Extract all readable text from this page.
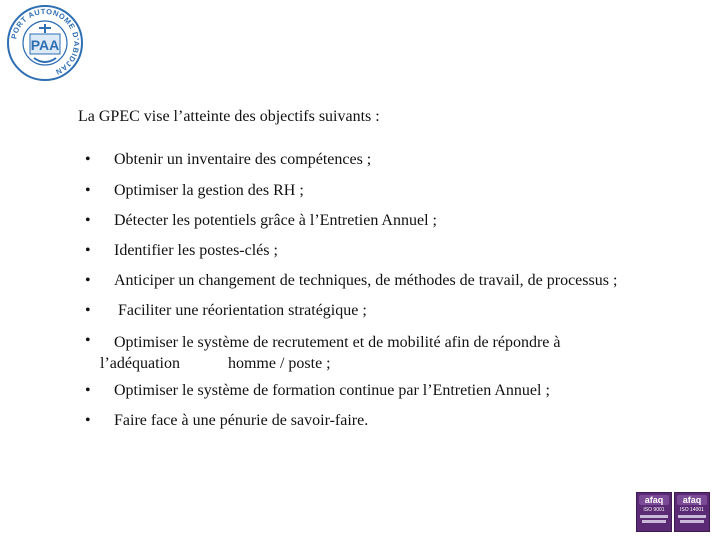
PORT AUTONOME D'ABIDJAN
PAA
La GPEC vise l’atteinte des objectifs suivants :
• Obtenir un inventaire des compétences ;
• Optimiser la gestion des RH ;
• Détecter les potentiels grâce à l’Entretien Annuel ;
• Identifier les postes-clés ;
• Anticiper un changement de techniques, de méthodes de travail, de processus ;
• Faciliter une réorientation stratégique ;
• Optimiser le système de recrutement et de mobilité afin de répondre à
l’adéquation            homme / poste ;
• Optimiser le système de formation continue par l’Entretien Annuel ;
• Faire face à une pénurie de savoir-faire.
afaq
ISO 9001
afaq
ISO 14001
